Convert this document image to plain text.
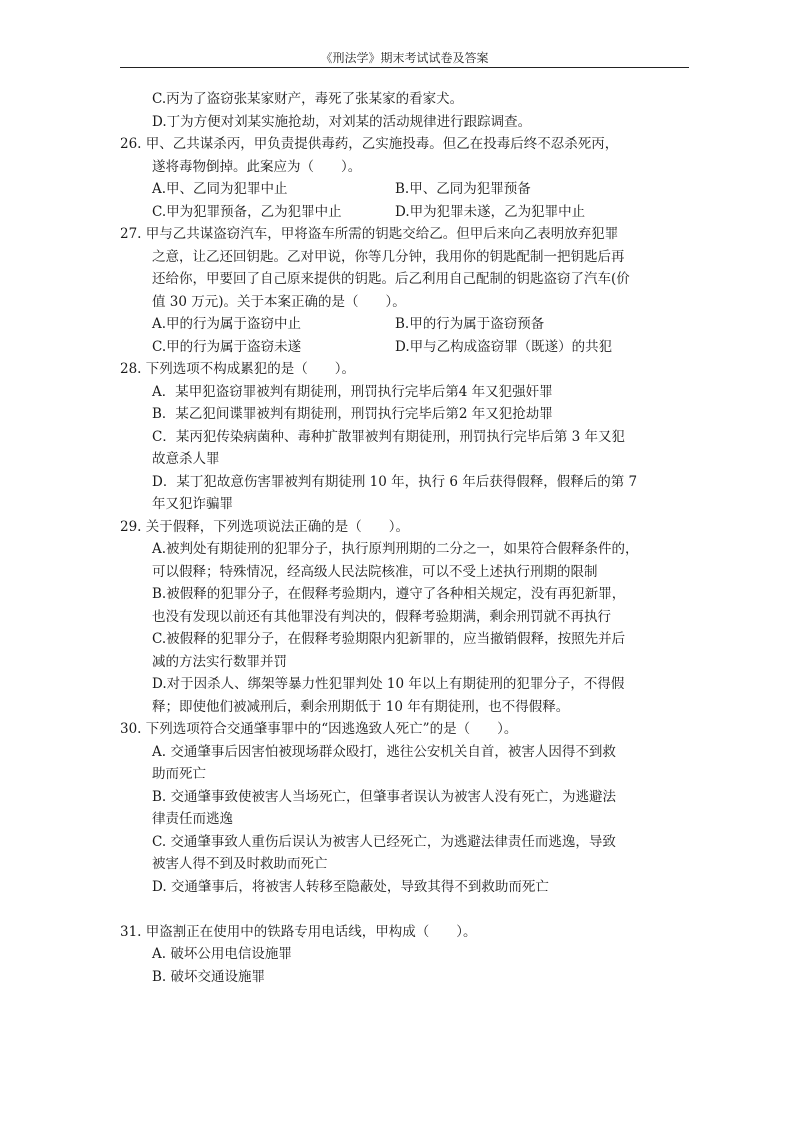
《刑法学》期末考试试卷及答案
C.丙为了盗窃张某家财产，毒死了张某家的看家犬。
D.丁为方便对刘某实施抢劫，对刘某的活动规律进行跟踪调查。
26. 甲、乙共谋杀丙，甲负责提供毒药，乙实施投毒。但乙在投毒后终不忍杀死丙，
遂将毒物倒掉。此案应为（　　）。
A.甲、乙同为犯罪中止	B.甲、乙同为犯罪预备
C.甲为犯罪预备，乙为犯罪中止	D.甲为犯罪未遂，乙为犯罪中止
27. 甲与乙共谋盗窃汽车，甲将盗车所需的钥匙交给乙。但甲后来向乙表明放弃犯罪
之意，让乙还回钥匙。乙对甲说，你等几分钟，我用你的钥匙配制一把钥匙后再
还给你，甲要回了自己原来提供的钥匙。后乙利用自己配制的钥匙盗窃了汽车(价
值 30 万元)。关于本案正确的是（　　）。
A.甲的行为属于盗窃中止	B.甲的行为属于盗窃预备
C.甲的行为属于盗窃未遂	D.甲与乙构成盗窃罪（既遂）的共犯
28. 下列选项不构成累犯的是（　　）。
A．某甲犯盗窃罪被判有期徒刑，刑罚执行完毕后第4 年又犯强奸罪
B．某乙犯间谍罪被判有期徒刑，刑罚执行完毕后第2 年又犯抢劫罪
C．某丙犯传染病菌种、毒种扩散罪被判有期徒刑，刑罚执行完毕后第 3 年又犯
故意杀人罪
D．某丁犯故意伤害罪被判有期徒刑 10 年，执行 6 年后获得假释，假释后的第 7
年又犯诈骗罪
29. 关于假释，下列选项说法正确的是（　　）。
A.被判处有期徒刑的犯罪分子，执行原判刑期的二分之一，如果符合假释条件的，
可以假释；特殊情况，经高级人民法院核准，可以不受上述执行刑期的限制
B.被假释的犯罪分子，在假释考验期内，遵守了各种相关规定，没有再犯新罪，
也没有发现以前还有其他罪没有判决的，假释考验期满，剩余刑罚就不再执行
C.被假释的犯罪分子，在假释考验期限内犯新罪的，应当撤销假释，按照先并后
减的方法实行数罪并罚
D.对于因杀人、绑架等暴力性犯罪判处 10 年以上有期徒刑的犯罪分子，不得假
释；即使他们被减刑后，剩余刑期低于 10 年有期徒刑，也不得假释。
30. 下列选项符合交通肇事罪中的“因逃逸致人死亡”的是（　　）。
A. 交通肇事后因害怕被现场群众殴打，逃往公安机关自首，被害人因得不到救
助而死亡
B. 交通肇事致使被害人当场死亡，但肇事者误认为被害人没有死亡，为逃避法
律责任而逃逸
C. 交通肇事致人重伤后误认为被害人已经死亡，为逃避法律责任而逃逸，导致
被害人得不到及时救助而死亡
D. 交通肇事后，将被害人转移至隐蔽处，导致其得不到救助而死亡
31. 甲盗割正在使用中的铁路专用电话线，甲构成（　　）。
A. 破坏公用电信设施罪
B. 破坏交通设施罪
